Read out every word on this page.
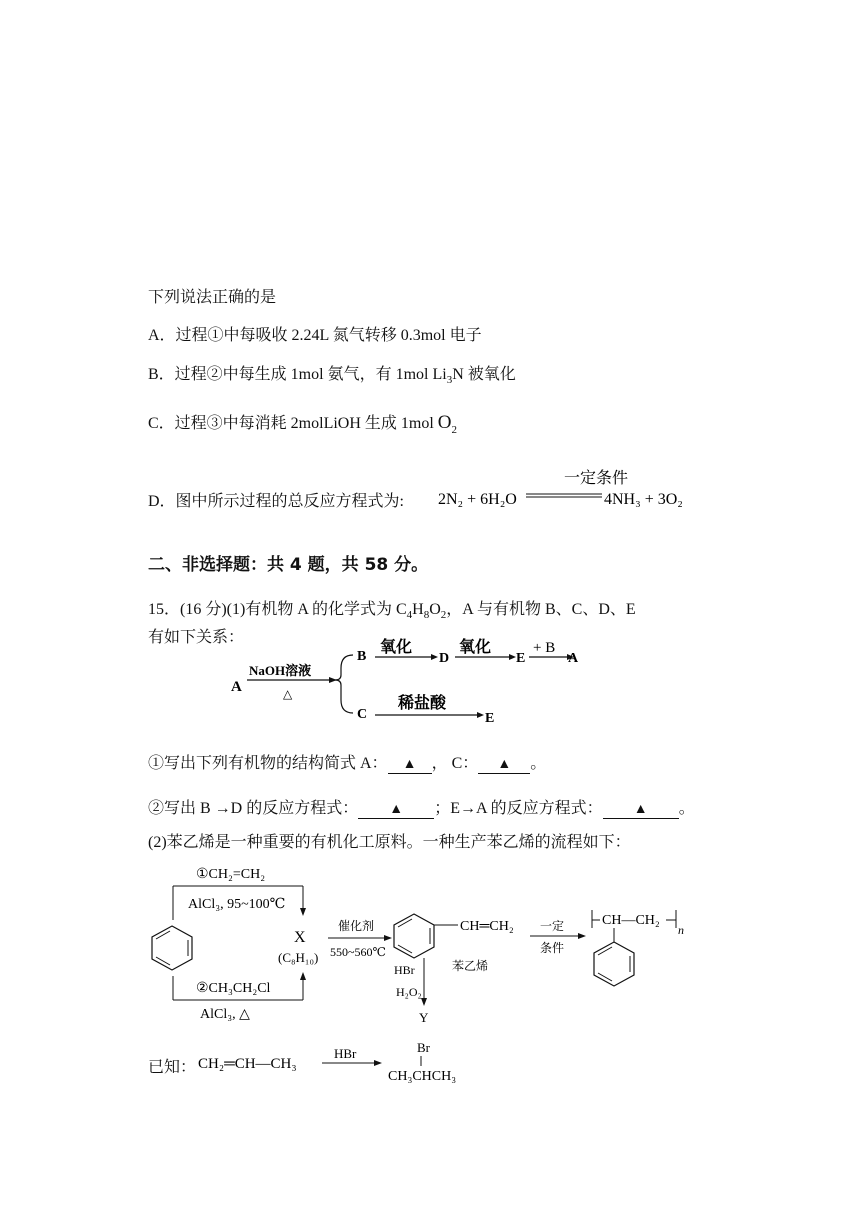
下列说法正确的是
A．过程①中每吸收 2.24L 氮气转移 0.3mol 电子
B．过程②中每生成 1mol 氨气，有 1mol $Li_3N$ 被氧化
C．过程③中每消耗 2molLiOH 生成 1mol $O_2$
D．图中所示过程的总反应方程式为: 2N₂ + 6H₂O
一定条件
4NH₃ + 3O₂
二、非选择题：共 4 题，共 58 分。
15．(16 分)(1)有机物 A 的化学式为 $C_4H_8O_2$，A 与有机物 B、C、D、E
有如下关系：
A
NaOH溶液
△
B
氧化
D
氧化
E
+ B
A
C
稀盐酸
E
①写出下列有机物的结构简式 A： ▲ ， C： ▲ 。
②写出 B →D 的反应方程式： ▲ ；E→A 的反应方程式： ▲ 。
(2)苯乙烯是一种重要的有机化工原料。一种生产苯乙烯的流程如下：
①CH₂=CH₂
AlCl₃, 95~100℃
②CH₃CH₂Cl
AlCl₃, △
X
(C₈H₁₀)
催化剂
550~560℃
CH═CH₂
苯乙烯
HBr
H₂O₂
Y
一定
条件
CH—CH₂
n
已知： CH₂═CH—CH₃
HBr	Br
CH₃CHCH₃
